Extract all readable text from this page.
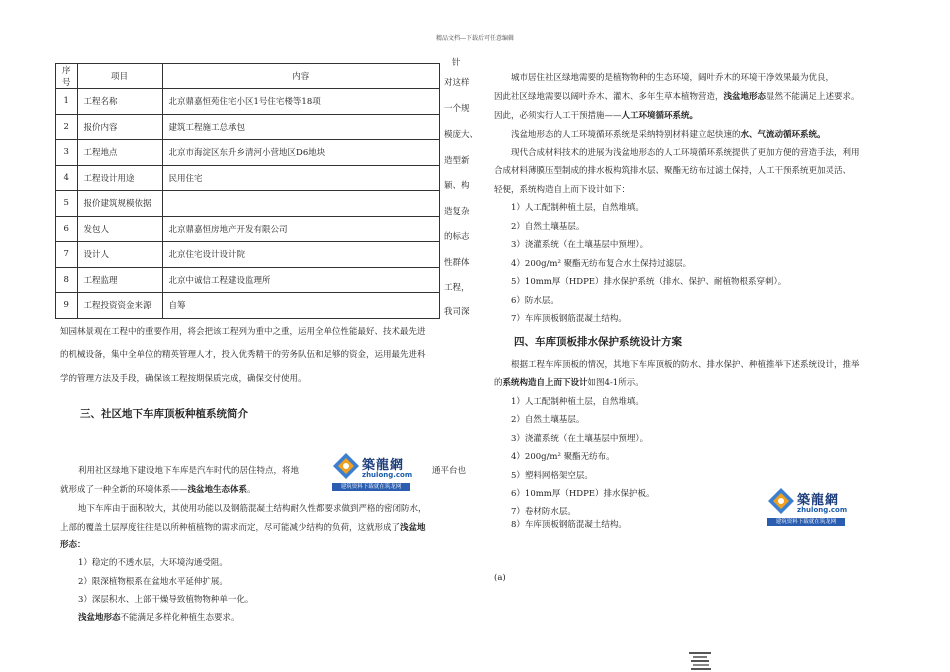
精品文档---下载后可任意编辑
序号	项目	内容
1	工程名称	北京鼎嘉恒苑住宅小区1号住宅楼等18项
2	报价内容	建筑工程施工总承包
3	工程地点	北京市海淀区东升乡清河小营地区D6地块
4	工程设计用途	民用住宅
5	报价建筑规模依据	
6	发包人	北京鼎嘉恒房地产开发有限公司
7	设计人	北京住宅设计设计院
8	工程监理	北京中诚信工程建设监理所
9	工程投资资金来源	自筹
针
对这样
一个规
模庞大、
造型新
颖、构
造复杂
的标志
性群体
工程，
我司深
知园林景观在工程中的重要作用，将会把该工程列为重中之重，运用全单位性能最好、技术最先进
的机械设备，集中全单位的精英管理人才，投入优秀精干的劳务队伍和足够的资金，运用最先进科
学的管理方法及手段，确保该工程按期保质完成，确保交付使用。
三、社区地下车库顶板种植系统简介
利用社区绿地下建设地下车库是汽车时代的居住特点，将地	築龍網
zhulong.com
建筑资料下载就在筑龙网
通平台也
就形成了一种全新的环境体系——浅盆地生态体系。
地下车库由于面积较大，其使用功能以及钢筋混凝土结构耐久性都要求做到严格的密闭防水，
上部的覆盖土层厚度往往是以所种植植物的需求而定，尽可能减少结构的负荷，这就形成了浅盆地
形态：
1）稳定的不透水层，大环境沟通受阻。
2）限深植物根系在盆地水平延伸扩展。
3）深层积水、上部干燥导致植物物种单一化。
浅盆地形态不能满足多样化种植生态要求。
城市居住社区绿地需要的是植物物种的生态环境，阔叶乔木的环境干净效果最为优良，
因此社区绿地需要以阔叶乔木、灌木、多年生草本植物营造，浅盆地形态显然不能满足上述要求。
因此，必须实行人工干预措施——人工环境循环系统。
浅盆地形态的人工环境循环系统是采纳特别材料建立起快速的水、气流动循环系统。
现代合成材料技术的进展为浅盆地形态的人工环境循环系统提供了更加方便的营造手法，利用
合成材料薄膜压型制成的排水板构筑排水层、聚酯无纺布过滤土保持，人工干预系统更加灵活、
轻便，系统构造自上而下设计如下：
1）人工配制种植土层，自然堆填。
2）自然土壤基层。
3）浇灌系统（在土壤基层中预埋）。
4）200g/m² 聚酯无纺布复合水土保持过滤层。
5）10mm厚（HDPE）排水保护系统（排水、保护、耐植物根系穿刺）。
6）防水层。
7）车库顶板钢筋混凝土结构。
四、车库顶板排水保护系统设计方案
根据工程车库顶板的情况，其地下车库顶板的防水、排水保护、种植推举下述系统设计，推举
的系统构造自上而下设计如图4-1所示。
1）人工配制种植土层，自然堆填。
2）自然土壤基层。
3）浇灌系统（在土壤基层中预埋）。
4）200g/m² 聚酯无纺布。
5）塑料网格架空层。
6）10mm厚（HDPE）排水保护板。
7）卷材防水层。
8）车库顶板钢筋混凝土结构。
築龍網
zhulong.com
建筑资料下载就在筑龙网
(a)
